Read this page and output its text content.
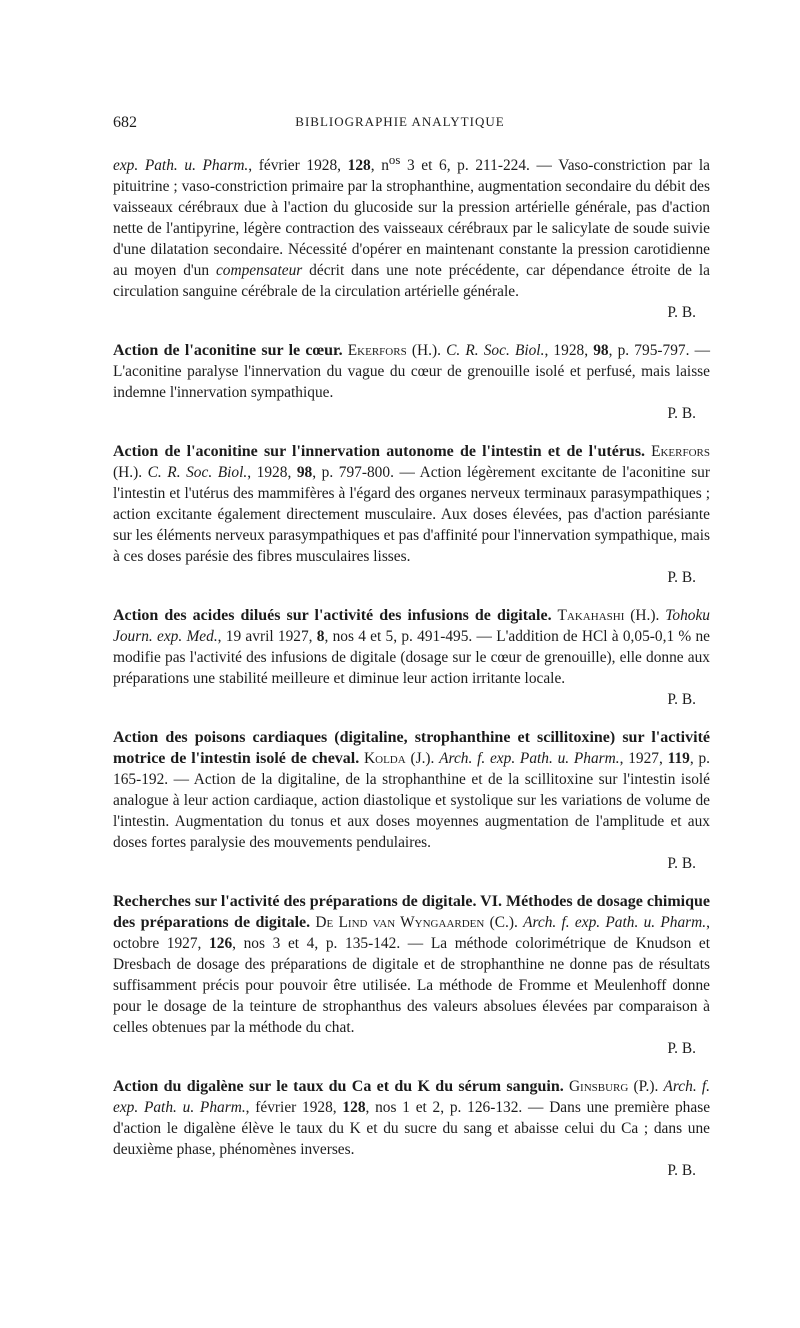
682	BIBLIOGRAPHIE ANALYTIQUE

exp. Path. u. Pharm., février 1928, 128, $n^{os}$ 3 et 6, p. 211-224. — Vaso-constriction par la pituitrine ; vaso-constriction primaire par la strophanthine, augmentation secondaire du débit des vaisseaux cérébraux due à l'action du glucoside sur la pression artérielle générale, pas d'action nette de l'antipyrine, légère contraction des vaisseaux cérébraux par le salicylate de soude suivie d'une dilatation secondaire. Nécessité d'opérer en maintenant constante la pression carotidienne au moyen d'un compensateur décrit dans une note précédente, car dépendance étroite de la circulation sanguine cérébrale de la circulation artérielle générale.

P. B.

Action de l'aconitine sur le cœur. Ekerfors (H.). C. R. Soc. Biol., 1928, 98, p. 795-797. — L'aconitine paralyse l'innervation du vague du cœur de grenouille isolé et perfusé, mais laisse indemne l'innervation sympathique.

P. B.

Action de l'aconitine sur l'innervation autonome de l'intestin et de l'utérus. Ekerfors (H.). C. R. Soc. Biol., 1928, 98, p. 797-800. — Action légèrement excitante de l'aconitine sur l'intestin et l'utérus des mammifères à l'égard des organes nerveux terminaux parasympathiques ; action excitante également directement musculaire. Aux doses élevées, pas d'action parésiante sur les éléments nerveux parasympathiques et pas d'affinité pour l'innervation sympathique, mais à ces doses parésie des fibres musculaires lisses.

P. B.

Action des acides dilués sur l'activité des infusions de digitale. Takahashi (H.). Tohoku Journ. exp. Med., 19 avril 1927, 8, nos 4 et 5, p. 491-495. — L'addition de HCl à 0,05-0,1 % ne modifie pas l'activité des infusions de digitale (dosage sur le cœur de grenouille), elle donne aux préparations une stabilité meilleure et diminue leur action irritante locale.

P. B.

Action des poisons cardiaques (digitaline, strophanthine et scillitoxine) sur l'activité motrice de l'intestin isolé de cheval. Kolda (J.). Arch. f. exp. Path. u. Pharm., 1927, 119, p. 165-192. — Action de la digitaline, de la strophanthine et de la scillitoxine sur l'intestin isolé analogue à leur action cardiaque, action diastolique et systolique sur les variations de volume de l'intestin. Augmentation du tonus et aux doses moyennes augmentation de l'amplitude et aux doses fortes paralysie des mouvements pendulaires.

P. B.

Recherches sur l'activité des préparations de digitale. VI. Méthodes de dosage chimique des préparations de digitale. De Lind van Wyngaarden (C.). Arch. f. exp. Path. u. Pharm., octobre 1927, 126, nos 3 et 4, p. 135-142. — La méthode colorimétrique de Knudson et Dresbach de dosage des préparations de digitale et de strophanthine ne donne pas de résultats suffisamment précis pour pouvoir être utilisée. La méthode de Fromme et Meulenhoff donne pour le dosage de la teinture de strophanthus des valeurs absolues élevées par comparaison à celles obtenues par la méthode du chat.

P. B.

Action du digalène sur le taux du Ca et du K du sérum sanguin. Ginsburg (P.). Arch. f. exp. Path. u. Pharm., février 1928, 128, nos 1 et 2, p. 126-132. — Dans une première phase d'action le digalène élève le taux du K et du sucre du sang et abaisse celui du Ca ; dans une deuxième phase, phénomènes inverses.

P. B.
